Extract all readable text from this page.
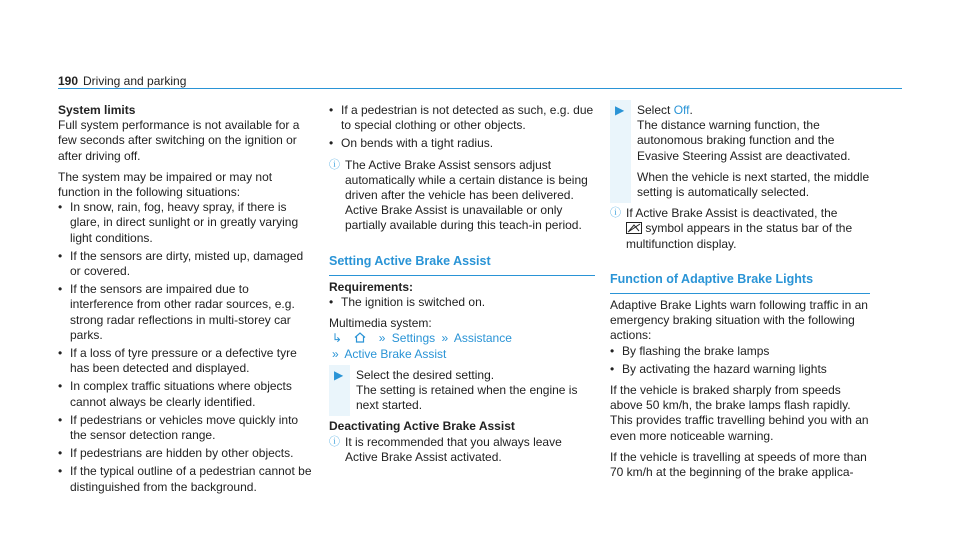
190 Driving and parking
System limits

Full system performance is not available for a few seconds after switching on the ignition or after driving off.

The system may be impaired or may not function in the following situations:
• In snow, rain, fog, heavy spray, if there is glare, in direct sunlight or in greatly varying light conditions.
• If the sensors are dirty, misted up, damaged or covered.
• If the sensors are impaired due to interference from other radar sources, e.g. strong radar reflections in multi-storey car parks.
• If a loss of tyre pressure or a defective tyre has been detected and displayed.
• In complex traffic situations where objects cannot always be clearly identified.
• If pedestrians or vehicles move quickly into the sensor detection range.
• If pedestrians are hidden by other objects.
• If the typical outline of a pedestrian cannot be distinguished from the background.
• If a pedestrian is not detected as such, e.g. due to special clothing or other objects.
• On bends with a tight radius.
ⓘ The Active Brake Assist sensors adjust automatically while a certain distance is being driven after the vehicle has been delivered. Active Brake Assist is unavailable or only partially available during this teach-in period.
Setting Active Brake Assist
Requirements:
• The ignition is switched on.
Multimedia system:
↳	» Settings » Assistance
» Active Brake Assist
▶ Select the desired setting.
The setting is retained when the engine is next started.
Deactivating Active Brake Assist
ⓘ It is recommended that you always leave Active Brake Assist activated.
▶ Select Off.

The distance warning function, the autonomous braking function and the Evasive Steering Assist are deactivated.

When the vehicle is next started, the middle setting is automatically selected.
ⓘ If Active Brake Assist is deactivated, the
symbol appears in the status bar of the multifunction display.
Function of Adaptive Brake Lights
Adaptive Brake Lights warn following traffic in an emergency braking situation with the following actions:
• By flashing the brake lamps
• By activating the hazard warning lights

If the vehicle is braked sharply from speeds above 50 km/h, the brake lamps flash rapidly. This provides traffic travelling behind you with an even more noticeable warning.

If the vehicle is travelling at speeds of more than 70 km/h at the beginning of the brake applica-
